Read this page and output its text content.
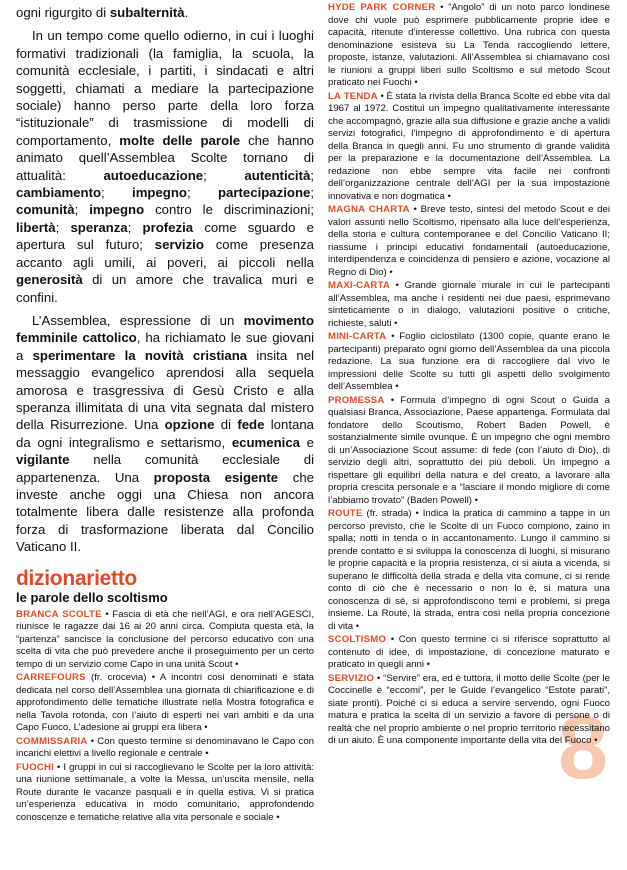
ogni rigurgito di subalternità.

In un tempo come quello odierno, in cui i luoghi formativi tradizionali (la famiglia, la scuola, la comunità ecclesiale, i partiti, i sindacati e altri soggetti, chiamati a mediare la partecipazione sociale) hanno perso parte della loro forza “istituzionale” di trasmissione di modelli di comportamento, molte delle parole che hanno animato quell’Assemblea Scolte tornano di attualità: autoeducazione; autenticità; cambiamento; impegno; partecipazione; comunità; impegno contro le discriminazioni; libertà; speranza; profezia come sguardo e apertura sul futuro; servizio come presenza accanto agli umili, ai poveri, ai piccoli nella generosità di un amore che travalica muri e confini.

L’Assemblea, espressione di un movimento femminile cattolico, ha richiamato le sue giovani a sperimentare la novità cristiana insita nel messaggio evangelico aprendosi alla sequela amorosa e trasgressiva di Gesù Cristo e alla speranza illimitata di una vita segnata dal mistero della Risurrezione. Una opzione di fede lontana da ogni integralismo e settarismo, ecumenica e vigilante nella comunità ecclesiale di appartenenza. Una proposta esigente che investe anche oggi una Chiesa non ancora totalmente libera dalle resistenze alla profonda forza di trasformazione liberata dal Concilio Vaticano II.

dizionarietto
le parole dello scoltismo

BRANCA SCOLTE • Fascia di età che nell’AGI, e ora nell’AGESCI, riunisce le ragazze dai 16 ai 20 anni circa. Compiuta questa età, la “partenza” sancisce la conclusione del percorso educativo con una scelta di vita che può prevedere anche il proseguimento per un certo tempo di un servizio come Capo in una unità Scout •

CARREFOURS (fr. crocevia) • A incontri così denominati è stata dedicata nel corso dell’Assemblea una giornata di chiarificazione e di approfondimento delle tematiche illustrate nella Mostra fotografica e nella Tavola rotonda, con l’aiuto di esperti nei vari ambiti e da una Capo Fuoco. L’adesione ai gruppi era libera •

COMMISSARIA • Con questo termine si denominavano le Capo con incarichi elettivi a livello regionale e centrale •

FUOCHI • I gruppi in cui si raccoglievano le Scolte per la loro attività: una riunione settimanale, a volte la Messa, un’uscita mensile, nella Route durante le vacanze pasquali e in quella estiva. Vi si pratica un’esperienza educativa in modo comunitario, approfondendo conoscenze e tematiche relative alla vita personale e sociale •

8

HYDE PARK CORNER • “Angolo” di un noto parco londinese dove chi vuole può esprimere pubblicamente proprie idee e capacità, ritenute d’interesse collettivo. Una rubrica con questa denominazione esisteva su La Tenda raccogliendo lettere, proposte, istanze, valutazioni. All’Assemblea si chiamavano così le riunioni a gruppi liberi sullo Scoltismo e sul metodo Scout praticato nei Fuochi •

LA TENDA • È stata la rivista della Branca Scolte ed ebbe vita dal 1967 al 1972. Costituì un impegno qualitativamente interessante che accompagnò, grazie alla sua diffusione e grazie anche a validi servizi fotografici, l’impegno di approfondimento e di apertura della Branca in quegli anni. Fu uno strumento di grande validità per la preparazione e la documentazione dell’Assemblea. La redazione non ebbe sempre vita facile nei confronti dell’organizzazione centrale dell’AGI per la sua impostazione innovativa e non dogmatica •

MAGNA CHARTA • Breve testo, sintesi del metodo Scout e dei valori assunti nello Scoltismo, ripensato alla luce dell’esperienza, della storia e cultura contemporanee e del Concilio Vaticano II; riassume i principi educativi fondamentali (autoeducazione, interdipendenza e coincidenza di pensiero e azione, vocazione al Regno di Dio) •

MAXI-CARTA • Grande giornale murale in cui le partecipanti all’Assemblea, ma anche i residenti nei due paesi, esprimevano sinteticamente o in dialogo, valutazioni positive o critiche, richieste, saluti •

MINI-CARTA • Foglio ciclostilato (1300 copie, quante erano le partecipanti) preparato ogni giorno dell’Assemblea da una piccola redazione. La sua funzione era di raccogliere dal vivo le impressioni delle Scolte su tutti gli aspetti dello svolgimento dell’Assemblea •

PROMESSA • Formula d’impegno di ogni Scout o Guida a qualsiasi Branca, Associazione, Paese appartenga. Formulata dal fondatore dello Scoutismo, Robert Baden Powell, è sostanzialmente simile ovunque. È un impegno che ogni membro di un’Associazione Scout assume: di fede (con l’aiuto di Dio), di servizio degli altri, soprattutto dei più deboli. Un impegno a rispettare gli equilibri della natura e del creato, a lavorare alla propria crescita personale e a “lasciare il mondo migliore di come l’abbiamo trovato” (Baden Powell) •

ROUTE (fr. strada) • Indica la pratica di cammino a tappe in un percorso previsto, che le Scolte di un Fuoco compiono, zaino in spalla; notti in tenda o in accantonamento. Lungo il cammino si prende contatto e si sviluppa la conoscenza di luoghi, si misurano le proprie capacità e la propria resistenza, ci si aiuta a vicenda, si superano le difficoltà della strada e della vita comune, ci si rende conto di ciò che è necessario o non lo è, si matura una conoscenza di sé, si approfondiscono temi e problemi, si prega insieme. La Route, la strada, entra così nella propria concezione di vita •

SCOLTISMO • Con questo termine ci si riferisce soprattutto al contenuto di idee, di impostazione, di concezione maturato e praticato in quegli anni •

SERVIZIO • “Servire” era, ed è tuttora, il motto delle Scolte (per le Coccinelle è “eccomi”, per le Guide l’evangelico “Estote parati”, siate pronti). Poiché ci si educa a servire servendo, ogni Fuoco matura e pratica la scelta di un servizio a favore di persone o di realtà che nel proprio ambiente o nel proprio territorio necessitano di un aiuto. È una componente importante della vita del Fuoco •
